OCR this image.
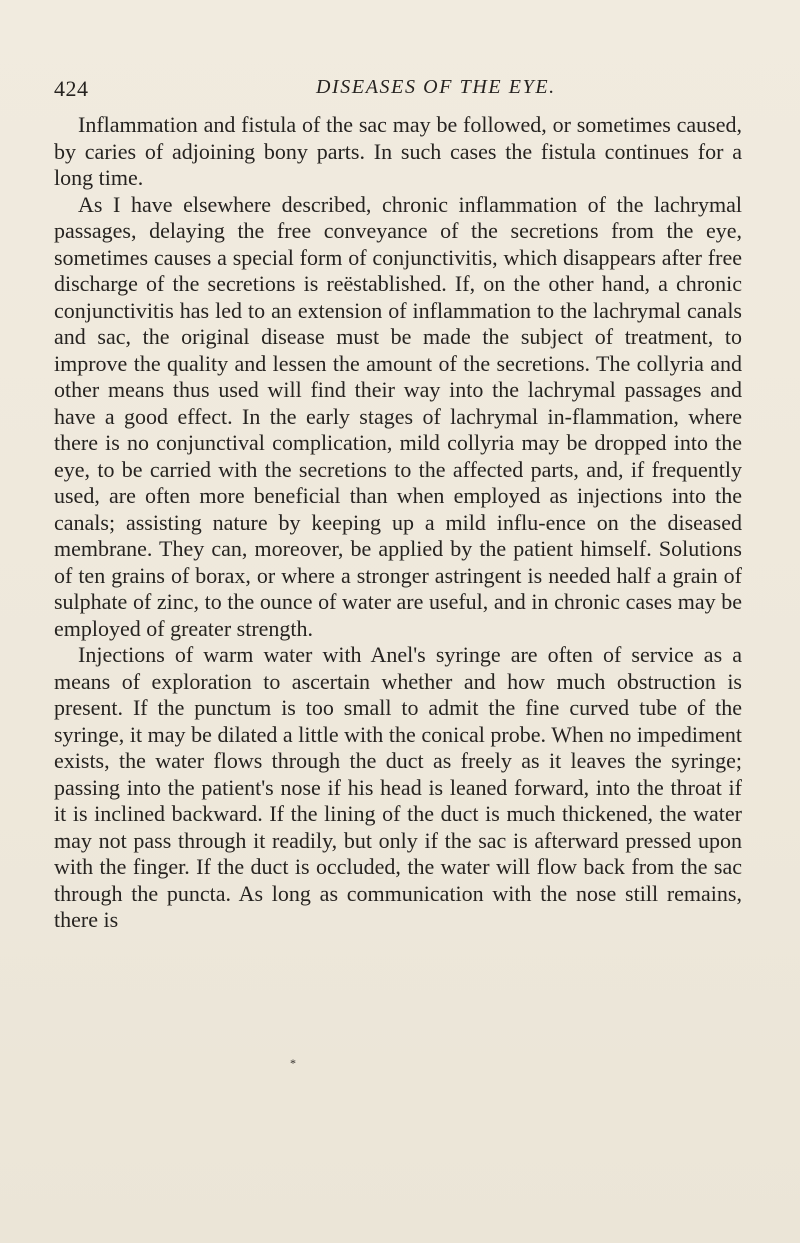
424	DISEASES OF THE EYE.

Inflammation and fistula of the sac may be followed, or sometimes caused, by caries of adjoining bony parts. In such cases the fistula continues for a long time.

As I have elsewhere described, chronic inflammation of the lachrymal passages, delaying the free conveyance of the secretions from the eye, sometimes causes a special form of conjunctivitis, which disappears after free discharge of the secretions is reëstablished. If, on the other hand, a chronic conjunctivitis has led to an extension of inflammation to the lachrymal canals and sac, the original disease must be made the subject of treatment, to improve the quality and lessen the amount of the secretions. The collyria and other means thus used will find their way into the lachrymal passages and have a good effect. In the early stages of lachrymal in-flammation, where there is no conjunctival complication, mild collyria may be dropped into the eye, to be carried with the secretions to the affected parts, and, if frequently used, are often more beneficial than when employed as injections into the canals; assisting nature by keeping up a mild influ-ence on the diseased membrane. They can, moreover, be applied by the patient himself. Solutions of ten grains of borax, or where a stronger astringent is needed half a grain of sulphate of zinc, to the ounce of water are useful, and in chronic cases may be employed of greater strength.

Injections of warm water with Anel's syringe are often of service as a means of exploration to ascertain whether and how much obstruction is present. If the punctum is too small to admit the fine curved tube of the syringe, it may be dilated a little with the conical probe. When no impediment exists, the water flows through the duct as freely as it leaves the syringe; passing into the patient's nose if his head is leaned forward, into the throat if it is inclined backward. If the lining of the duct is much thickened, the water may not pass through it readily, but only if the sac is afterward pressed upon with the finger. If the duct is occluded, the water will flow back from the sac through the puncta. As long as communication with the nose still remains, there is

*
